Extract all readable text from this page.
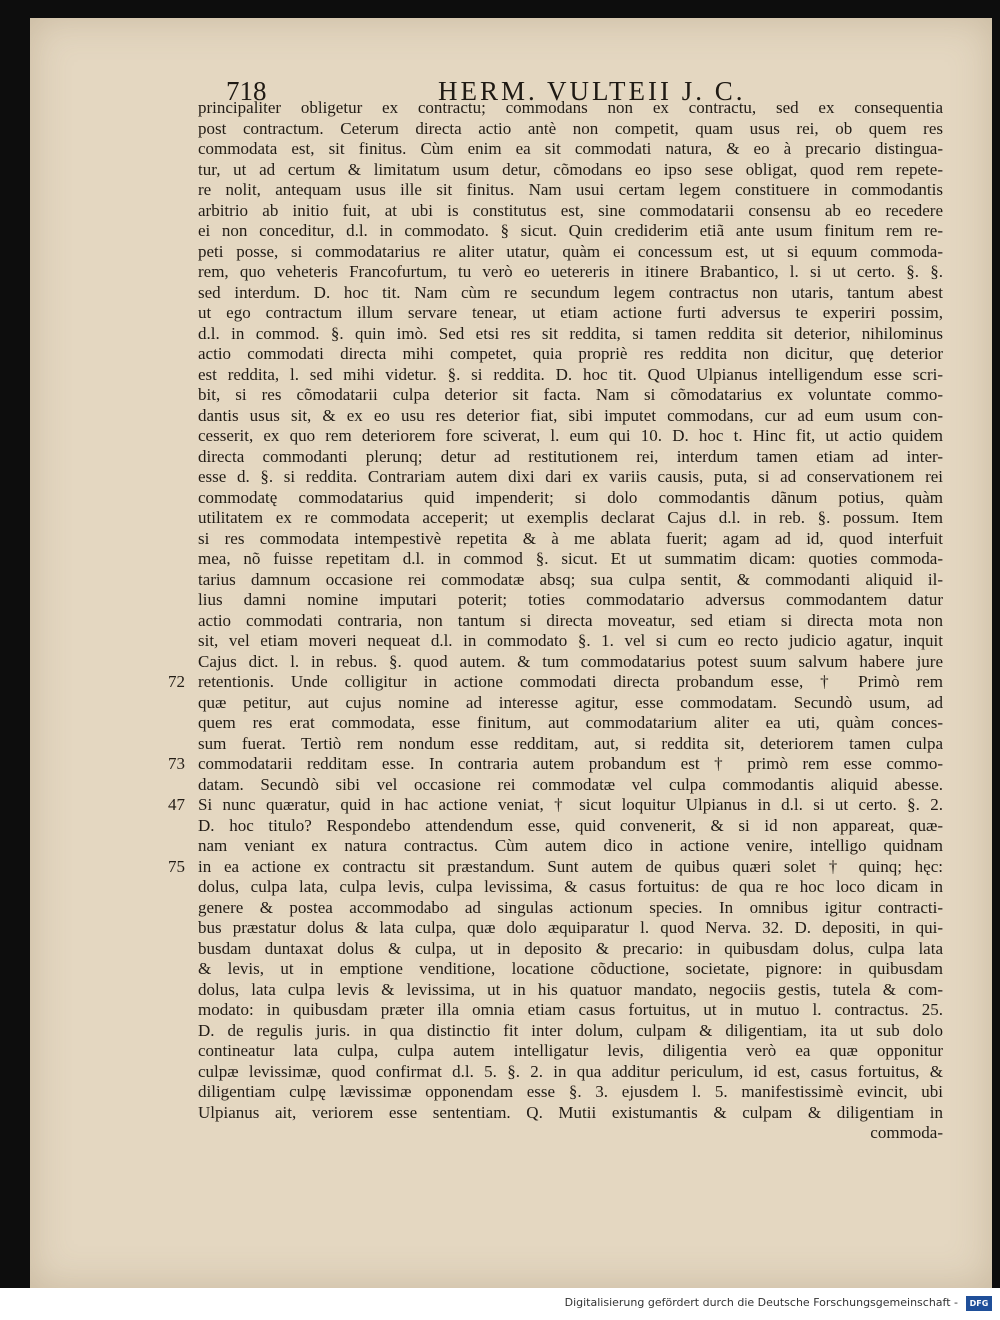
718	HERM. VULTEII J. C.
principaliter obligetur ex contractu; commodans non ex contractu, sed ex consequentia
post contractum. Ceterum directa actio antè non competit, quam usus rei, ob quem res
commodata est, sit finitus. Cùm enim ea sit commodati natura, & eo à precario distingua-
tur, ut ad certum & limitatum usum detur, cõmodans eo ipso sese obligat, quod rem repete-
re nolit, antequam usus ille sit finitus. Nam usui certam legem constituere in commodantis
arbitrio ab initio fuit, at ubi is constitutus est, sine commodatarii consensu ab eo recedere
ei non conceditur, d.l. in commodato. § sicut. Quin crediderim etiã ante usum finitum rem re-
peti posse, si commodatarius re aliter utatur, quàm ei concessum est, ut si equum commoda-
rem, quo veheteris Francofurtum, tu verò eo uetereris in itinere Brabantico, l. si ut certo. §. §.
sed interdum. D. hoc tit. Nam cùm re secundum legem contractus non utaris, tantum abest
ut ego contractum illum servare tenear, ut etiam actione furti adversus te experiri possim,
d.l. in commod. §. quin imò. Sed etsi res sit reddita, si tamen reddita sit deterior, nihilominus
actio commodati directa mihi competet, quia propriè res reddita non dicitur, quę deterior
est reddita, l. sed mihi videtur. §. si reddita. D. hoc tit. Quod Ulpianus intelligendum esse scri-
bit, si res cõmodatarii culpa deterior sit facta. Nam si cõmodatarius ex voluntate commo-
dantis usus sit, & ex eo usu res deterior fiat, sibi imputet commodans, cur ad eum usum con-
cesserit, ex quo rem deteriorem fore sciverat, l. eum qui 10. D. hoc t. Hinc fit, ut actio quidem
directa commodanti plerunq; detur ad restitutionem rei, interdum tamen etiam ad inter-
esse d. §. si reddita. Contrariam autem dixi dari ex variis causis, puta, si ad conservationem rei
commodatę commodatarius quid impenderit; si dolo commodantis dãnum potius, quàm
utilitatem ex re commodata acceperit; ut exemplis declarat Cajus d.l. in reb. §. possum. Item
si res commodata intempestivè repetita & à me ablata fuerit; agam ad id, quod interfuit
mea, nõ fuisse repetitam d.l. in commod §. sicut. Et ut summatim dicam: quoties commoda-
tarius damnum occasione rei commodatæ absq; sua culpa sentit, & commodanti aliquid il-
lius damni nomine imputari poterit; toties commodatario adversus commodantem datur
actio commodati contraria, non tantum si directa moveatur, sed etiam si directa mota non
sit, vel etiam moveri nequeat d.l. in commodato §. 1. vel si cum eo recto judicio agatur, inquit
Cajus dict. l. in rebus. §. quod autem. & tum commodatarius potest suum salvum habere jure
retentionis. Unde colligitur in actione commodati directa probandum esse, † Primò rem
72
quæ petitur, aut cujus nomine ad interesse agitur, esse commodatam. Secundò usum, ad
quem res erat commodata, esse finitum, aut commodatarium aliter ea uti, quàm conces-
sum fuerat. Tertiò rem nondum esse redditam, aut, si reddita sit, deteriorem tamen culpa
commodatarii redditam esse. In contraria autem probandum est † primò rem esse commo-
73
datam. Secundò sibi vel occasione rei commodatæ vel culpa commodantis aliquid abesse.
Si nunc quæratur, quid in hac actione veniat, † sicut loquitur Ulpianus in d.l. si ut certo. §. 2.
47
D. hoc titulo? Respondebo attendendum esse, quid convenerit, & si id non appareat, quæ-
nam veniant ex natura contractus. Cùm autem dico in actione venire, intelligo quidnam
in ea actione ex contractu sit præstandum. Sunt autem de quibus quæri solet † quinq; hęc:
75
dolus, culpa lata, culpa levis, culpa levissima, & casus fortuitus: de qua re hoc loco dicam in
genere & postea accommodabo ad singulas actionum species. In omnibus igitur contracti-
bus præstatur dolus & lata culpa, quæ dolo æquiparatur l. quod Nerva. 32. D. depositi, in qui-
busdam duntaxat dolus & culpa, ut in deposito & precario: in quibusdam dolus, culpa lata
& levis, ut in emptione venditione, locatione cõductione, societate, pignore: in quibusdam
dolus, lata culpa levis & levissima, ut in his quatuor mandato, negociis gestis, tutela & com-
modato: in quibusdam præter illa omnia etiam casus fortuitus, ut in mutuo l. contractus. 25.
D. de regulis juris. in qua distinctio fit inter dolum, culpam & diligentiam, ita ut sub dolo
contineatur lata culpa, culpa autem intelligatur levis, diligentia verò ea quæ opponitur
culpæ levissimæ, quod confirmat d.l. 5. §. 2. in qua additur periculum, id est, casus fortuitus, &
diligentiam culpę lævissimæ opponendam esse §. 3. ejusdem l. 5. manifestissimè evincit, ubi
Ulpianus ait, veriorem esse sententiam. Q. Mutii existumantis & culpam & diligentiam in
commoda-
Digitalisierung gefördert durch die Deutsche Forschungsgemeinschaft -	DFG
